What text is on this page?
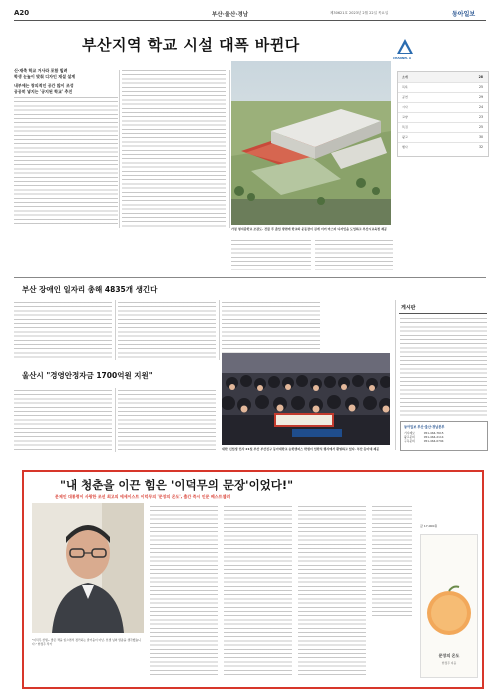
A20	부산·울산·경남	제30621호 2023년 2월 22일 목요일	동아일보
부산지역 학교 시설 대폭 바뀐다
신·재축 학교 거사라 포함 빌려
학생 눈높이 맞춰 디자인 재설 설계
내부에는 창의적인 공간 많이 조성
공공히 넣지는 '공지된 학교' 추진
가칭 명지중학교 조감도. 건물 주 출입 방면에 학교와 운동장이 길게 이어 마스터 디자인을 도입하고 부산시교육청 제공
CHANNEL A
소개	28
목록	25
공연	29
시사	24
교양	23
특집	25
광고	30
행사	32
부산 장애인 일자리 총해 4835개 생긴다
울산시 "경영안정자금 1700억원 지원"
대학 신입생 인사 21일 부산 부산진구 동아대학교 승학캠퍼스 학생이 입학식 행사에서 환영하고 있다. 부산 동아대 제공
게시판
동아일보 부산·울산·경남본부
기사제보	051-464-7615
광고문의	051-464-2114
구독문의	051-464-0794
"내 청춘을 이끈 힘은 '이덕무의 문장'이었다!"
문제인 대통령이 사랑한 조선 최고의 에세이스트 이덕무의 '문장의 온도', 출간 즉시 인문 베스트셀러
"이덕무 선생~ 좋은 책을 읽으면서 정리하는 즐거움이 아닌, 선생 님의 말씀을 생각했습니다." 한정주 작가
문장의 온도
한정주 지음
값 17,000원
